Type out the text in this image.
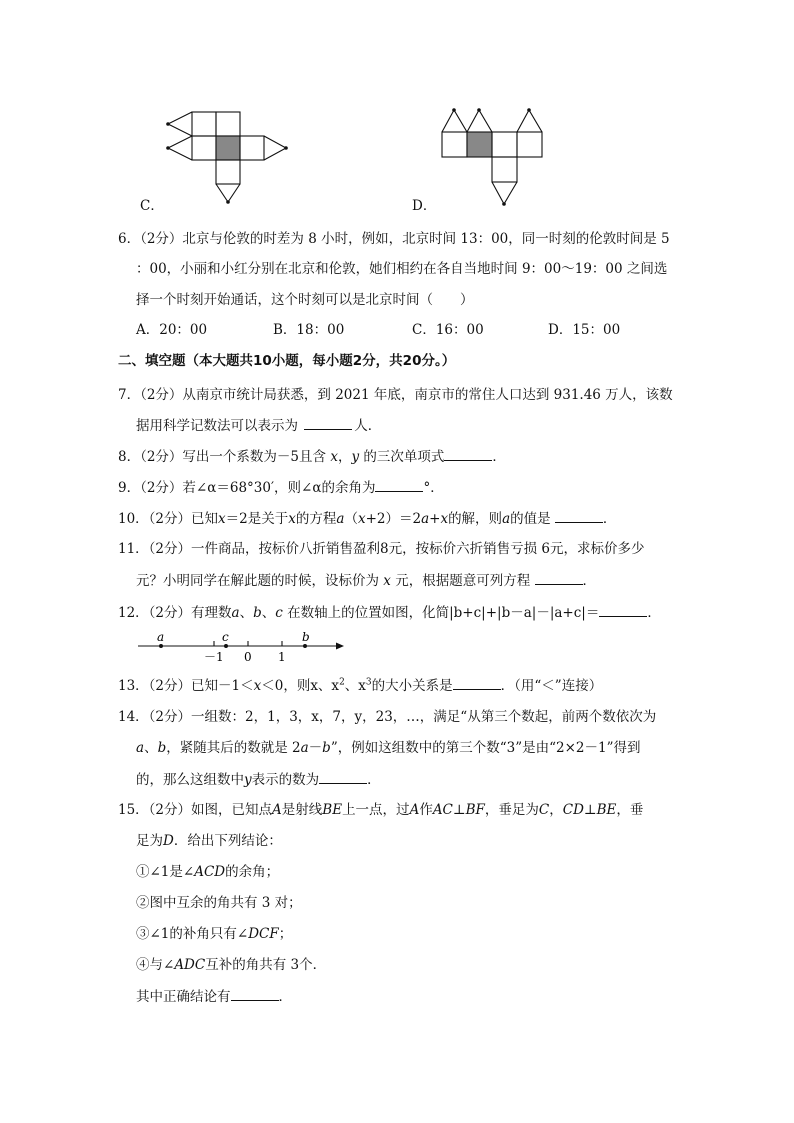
C．	D．
6．（2分）北京与伦敦的时差为 8 小时，例如，北京时间 13：00，同一时刻的伦敦时间是 5
：00，小丽和小红分别在北京和伦敦，她们相约在各自当地时间 9：00～19：00 之间选
择一个时刻开始通话，这个时刻可以是北京时间（　　）
A．20：00	B．18：00	C．16：00	D．15：00
二、填空题（本大题共10小题，每小题2分，共20分。）
7．（2分）从南京市统计局获悉，到 2021 年底，南京市的常住人口达到 931.46 万人，该数
据用科学记数法可以表示为	人．
8．（2分）写出一个系数为－5且含 x，y 的三次单项式	．
9．（2分）若∠α＝68°30′，则∠α的余角为	°．
10．（2分）已知x＝2是关于x的方程a（x+2）＝2a+x的解，则a的值是	．
11．（2分）一件商品，按标价八折销售盈利8元，按标价六折销售亏损 6元，求标价多少
元？小明同学在解此题的时候，设标价为 x 元，根据题意可列方程	．
12．（2分）有理数a、b、c 在数轴上的位置如图，化简|b+c|+|b－a|－|a+c|＝	．
a	c	b
－1 0 1
13．（2分）已知－1＜x＜0，则x、$x^2$、$x^3$的大小关系是	．（用“＜”连接）
14．（2分）一组数：2，1，3，x，7，y，23，…，满足“从第三个数起，前两个数依次为
a、b，紧随其后的数就是 2a－b”，例如这组数中的第三个数“3”是由“2×2－1”得到
的，那么这组数中y表示的数为	．
15．（2分）如图，已知点A是射线BE上一点，过A作AC⊥BF，垂足为C，CD⊥BE，垂
足为D．给出下列结论：
①∠1是∠ACD的余角；
②图中互余的角共有 3 对；
③∠1的补角只有∠DCF；
④与∠ADC互补的角共有 3个．
其中正确结论有	．
